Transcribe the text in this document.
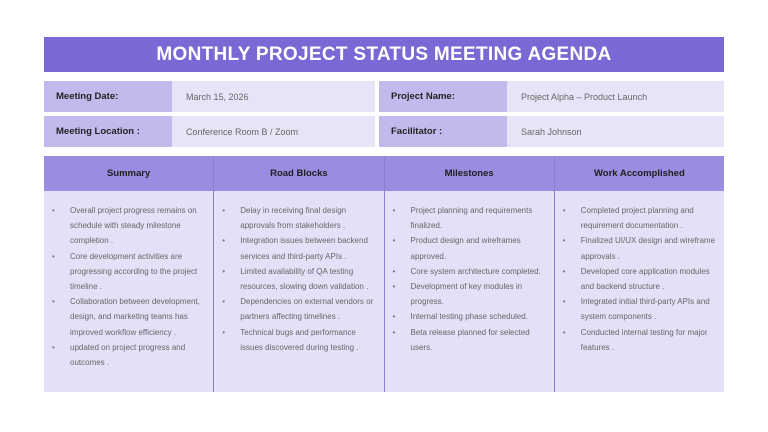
MONTHLY PROJECT STATUS MEETING AGENDA
Meeting Date:	March 15, 2026	Project Name:	Project Alpha – Product Launch
Meeting Location :	Conference Room B / Zoom	Facilitator :	Sarah Johnson
Summary
• Overall project progress remains on schedule with steady milestone completion .
• Core development activities are progressing according to the project timeline .
• Collaboration between development, design, and marketing teams has improved workflow efficiency .
• updated on project progress and outcomes .
Road Blocks
• Delay in receiving final design approvals from stakeholders .
• Integration issues between backend services and third-party APIs .
• Limited availability of QA testing resources, slowing down validation .
• Dependencies on external vendors or partners affecting timelines .
• Technical bugs and performance issues discovered during testing .
Milestones
• Project planning and requirements finalized.
• Product design and wireframes approved.
• Core system architecture completed.
• Development of key modules in progress.
• Internal testing phase scheduled.
• Beta release planned for selected users.
Work Accomplished
• Completed project planning and requirement documentation .
• Finalized UI/UX design and wireframe approvals .
• Developed core application modules and backend structure .
• Integrated initial third-party APIs and system components .
• Conducted internal testing for major features .
